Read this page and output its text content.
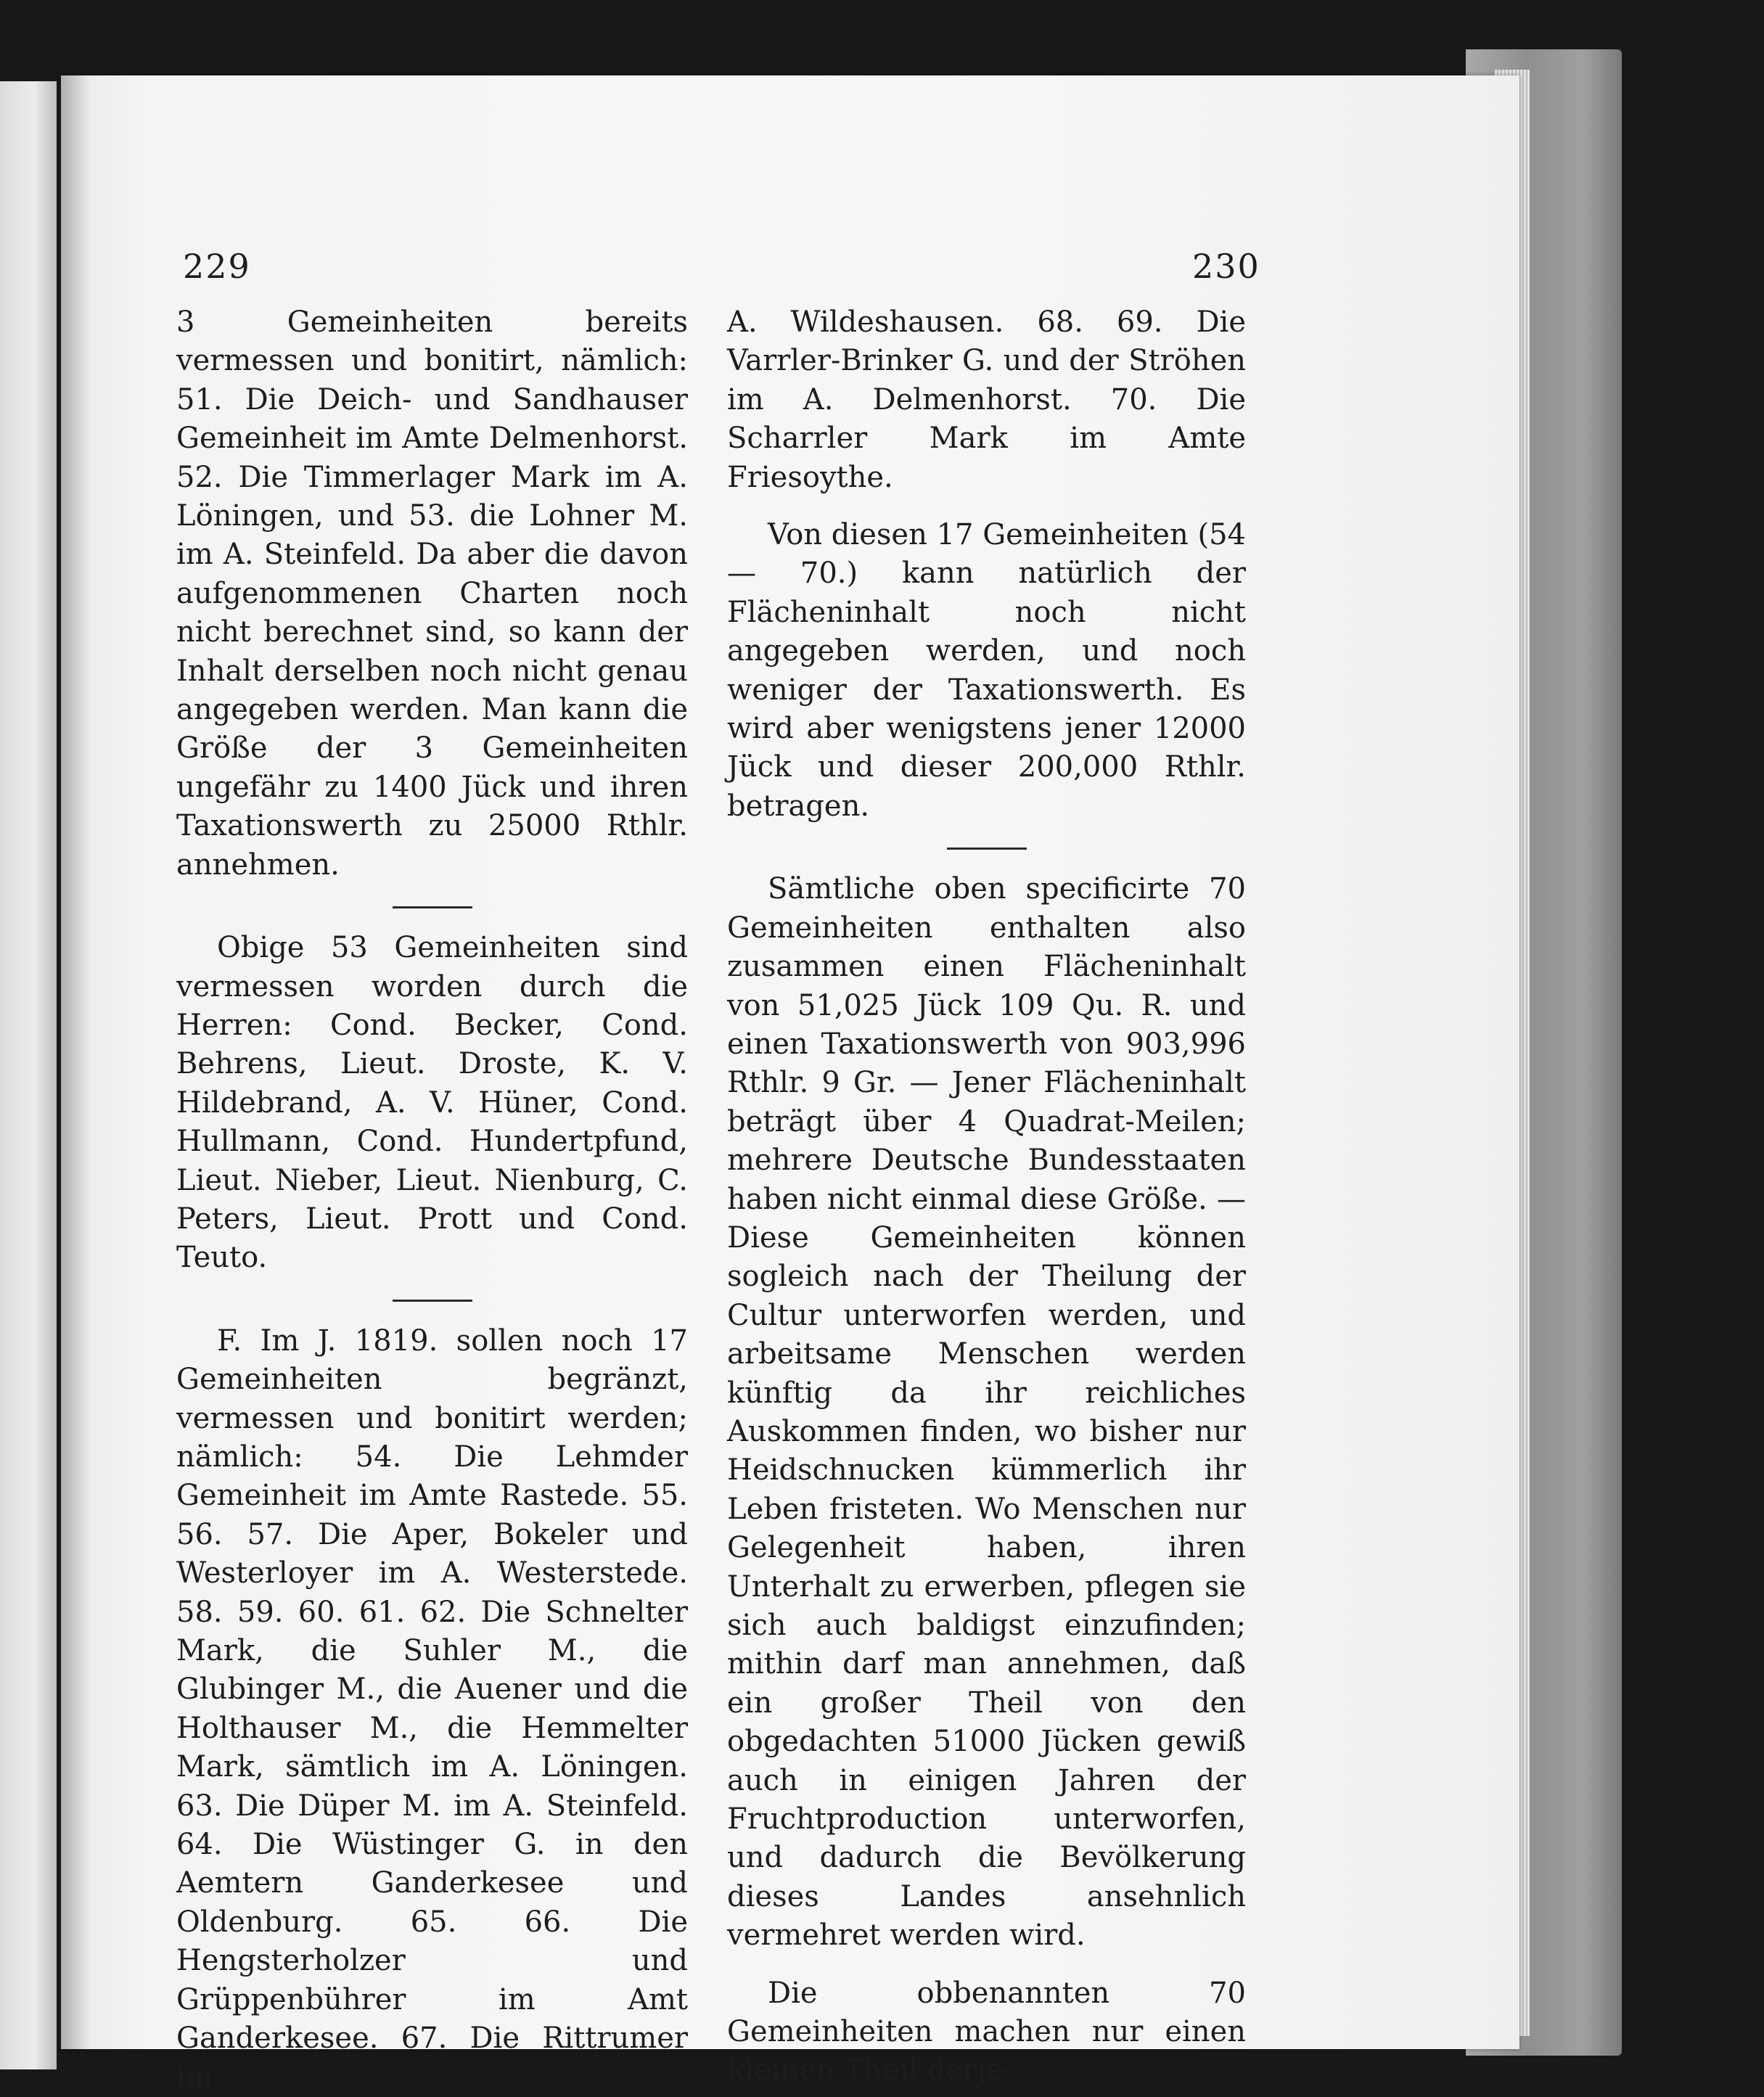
229	230

3 Gemeinheiten bereits vermessen und bonitirt, nämlich: 51. Die Deich- und Sandhauser Gemeinheit im Amte Delmenhorst. 52. Die Timmerlager Mark im A. Löningen, und 53. die Lohner M. im A. Steinfeld. Da aber die davon aufgenommenen Charten noch nicht berechnet sind, so kann der Inhalt derselben noch nicht genau angegeben werden. Man kann die Größe der 3 Gemeinheiten ungefähr zu 1400 Jück und ihren Taxationswerth zu 25000 Rthlr. annehmen.

Obige 53 Gemeinheiten sind vermessen worden durch die Herren: Cond. Becker, Cond. Behrens, Lieut. Droste, K. V. Hildebrand, A. V. Hüner, Cond. Hullmann, Cond. Hundertpfund, Lieut. Nieber, Lieut. Nienburg, C. Peters, Lieut. Prott und Cond. Teuto.

F. Im J. 1819. sollen noch 17 Gemeinheiten begränzt, vermessen und bonitirt werden; nämlich: 54. Die Lehmder Gemeinheit im Amte Rastede. 55. 56. 57. Die Aper, Bokeler und Westerloyer im A. Westerstede. 58. 59. 60. 61. 62. Die Schnelter Mark, die Suhler M., die Glubinger M., die Auener und die Holthauser M., die Hemmelter Mark, sämtlich im A. Löningen. 63. Die Düper M. im A. Steinfeld. 64. Die Wüstinger G. in den Aemtern Ganderkesee und Oldenburg. 65. 66. Die Hengsterholzer und Grüppenbührer im Amt Ganderkesee. 67. Die Rittrumer im

A. Wildeshausen. 68. 69. Die Varrler-Brinker G. und der Ströhen im A. Delmenhorst. 70. Die Scharrler Mark im Amte Friesoythe.

Von diesen 17 Gemeinheiten (54 — 70.) kann natürlich der Flächeninhalt noch nicht angegeben werden, und noch weniger der Taxationswerth. Es wird aber wenigstens jener 12000 Jück und dieser 200,000 Rthlr. betragen.

Sämtliche oben specificirte 70 Gemeinheiten enthalten also zusammen einen Flächeninhalt von 51,025 Jück 109 Qu. R. und einen Taxationswerth von 903,996 Rthlr. 9 Gr. — Jener Flächeninhalt beträgt über 4 Quadrat-Meilen; mehrere Deutsche Bundesstaaten haben nicht einmal diese Größe. — Diese Gemeinheiten können sogleich nach der Theilung der Cultur unterworfen werden, und arbeitsame Menschen werden künftig da ihr reichliches Auskommen finden, wo bisher nur Heidschnucken kümmerlich ihr Leben fristeten. Wo Menschen nur Gelegenheit haben, ihren Unterhalt zu erwerben, pflegen sie sich auch baldigst einzufinden; mithin darf man annehmen, daß ein großer Theil von den obgedachten 51000 Jücken gewiß auch in einigen Jahren der Fruchtproduction unterworfen, und dadurch die Bevölkerung dieses Landes ansehnlich vermehret werden wird.

Die obbenannten 70 Gemeinheiten machen nur einen kleinen Theil derje-
